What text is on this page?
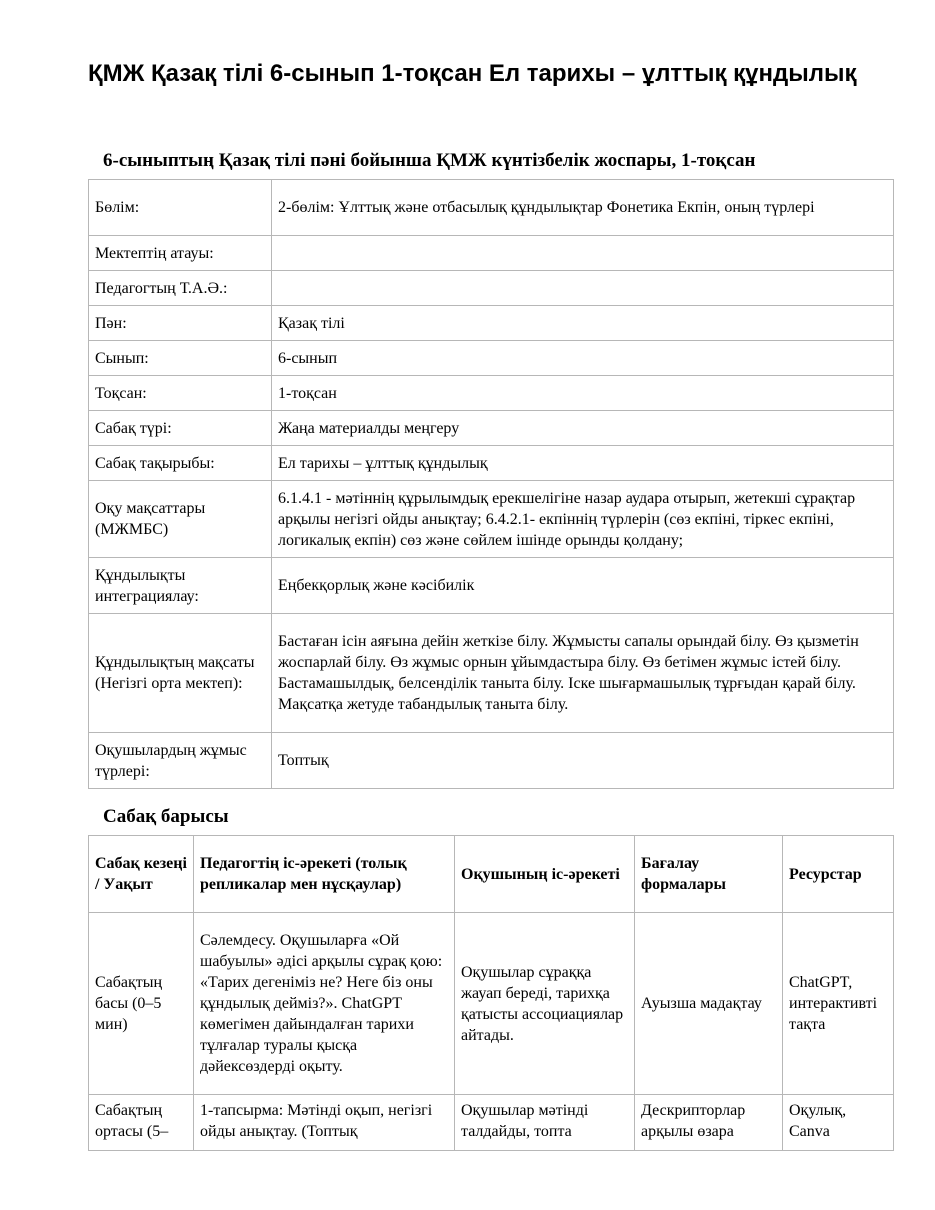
ҚМЖ Қазақ тілі 6-сынып 1-тоқсан Ел тарихы – ұлттық құндылық
6-сыныптың Қазақ тілі пәні бойынша ҚМЖ күнтізбелік жоспары, 1-тоқсан
Бөлім:	2-бөлім: Ұлттық және отбасылық құндылықтар Фонетика Екпін, оның түрлері
Мектептің атауы:	
Педагогтың Т.А.Ә.:	
Пән:	Қазақ тілі
Сынып:	6-сынып
Тоқсан:	1-тоқсан
Сабақ түрі:	Жаңа материалды меңгеру
Сабақ тақырыбы:	Ел тарихы – ұлттық құндылық
Оқу мақсаттары (МЖМБС)	6.1.4.1 - мәтіннің құрылымдық ерекшелігіне назар аудара отырып, жетекші сұрақтар арқылы негізгі ойды анықтау; 6.4.2.1- екпіннің түрлерін (сөз екпіні, тіркес екпіні, логикалық екпін) сөз және сөйлем ішінде орынды қолдану;
Құндылықты интеграциялау:	Еңбекқорлық және кәсібилік
Құндылықтың мақсаты (Негізгі орта мектеп):	Бастаған ісін аяғына дейін жеткізе білу. Жұмысты сапалы орындай білу. Өз қызметін жоспарлай білу. Өз жұмыс орнын ұйымдастыра білу. Өз бетімен жұмыс істей білу. Бастамашылдық, белсенділік таныта білу. Іске шығармашылық тұрғыдан қарай білу. Мақсатқа жетуде табандылық таныта білу.
Оқушылардың жұмыс түрлері:	Топтық
Сабақ барысы
Сабақ кезеңі / Уақыт	Педагогтің іс-әрекеті (толық репликалар мен нұсқаулар)	Оқушының іс-әрекеті	Бағалау формалары	Ресурстар
Сабақтың басы (0–5 мин)	Сәлемдесу. Оқушыларға «Ой шабуылы» әдісі арқылы сұрақ қою: «Тарих дегеніміз не? Неге біз оны құндылық дейміз?». ChatGPT көмегімен дайындалған тарихи тұлғалар туралы қысқа дәйексөздерді оқыту.	Оқушылар сұраққа жауап береді, тарихқа қатысты ассоциациялар айтады.	Ауызша мадақтау	ChatGPT, интерактивті тақта
Сабақтың ортасы (5–	1-тапсырма: Мәтінді оқып, негізгі ойды анықтау. (Топтық	Оқушылар мәтінді талдайды, топта	Дескрипторлар арқылы өзара	Оқулық, Canva
